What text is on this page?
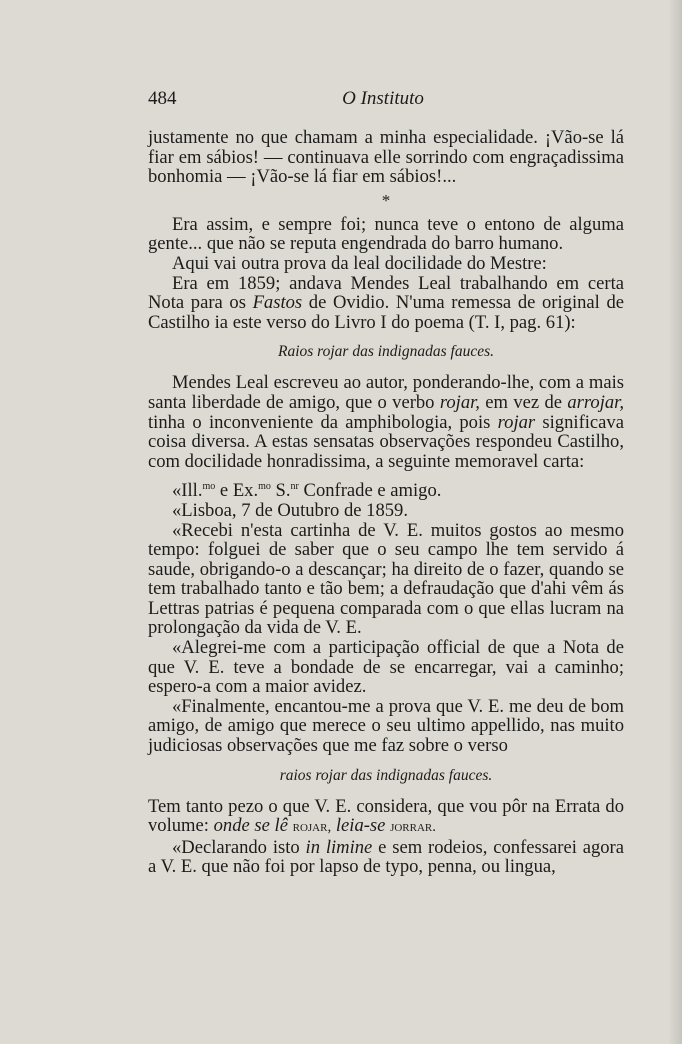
484	O Instituto

justamente no que chamam a minha especialidade. ¡Vão-se lá fiar em sábios! — continuava elle sorrindo com engraçadissima bonhomia — ¡Vão-se lá fiar em sábios!...

*

Era assim, e sempre foi; nunca teve o entono de alguma gente... que não se reputa engendrada do barro humano.

Aqui vai outra prova da leal docilidade do Mestre:

Era em 1859; andava Mendes Leal trabalhando em certa Nota para os Fastos de Ovidio. N'uma remessa de original de Castilho ia este verso do Livro I do poema (T. I, pag. 61):

Raios rojar das indignadas fauces.

Mendes Leal escreveu ao autor, ponderando-lhe, com a mais santa liberdade de amigo, que o verbo rojar, em vez de arrojar, tinha o inconveniente da amphibologia, pois rojar significava coisa diversa. A estas sensatas observações respondeu Castilho, com docilidade honradissima, a seguinte memoravel carta:

«Ill.$^{mo}$ e Ex.$^{mo}$ S.$^{nr}$ Confrade e amigo.

«Lisboa, 7 de Outubro de 1859.

«Recebi n'esta cartinha de V. E. muitos gostos ao mesmo tempo: folguei de saber que o seu campo lhe tem servido á saude, obrigando-o a descançar; ha direito de o fazer, quando se tem trabalhado tanto e tão bem; a defraudação que d'ahi vêm ás Lettras patrias é pequena comparada com o que ellas lucram na prolongação da vida de V. E.

«Alegrei-me com a participação official de que a Nota de que V. E. teve a bondade de se encarregar, vai a caminho; espero-a com a maior avidez.

«Finalmente, encantou-me a prova que V. E. me deu de bom amigo, de amigo que merece o seu ultimo appellido, nas muito judiciosas observações que me faz sobre o verso

raios rojar das indignadas fauces.

Tem tanto pezo o que V. E. considera, que vou pôr na Errata do volume: onde se lê rojar, leia-se jorrar.

«Declarando isto in limine e sem rodeios, confessarei agora a V. E. que não foi por lapso de typo, penna, ou lingua,
